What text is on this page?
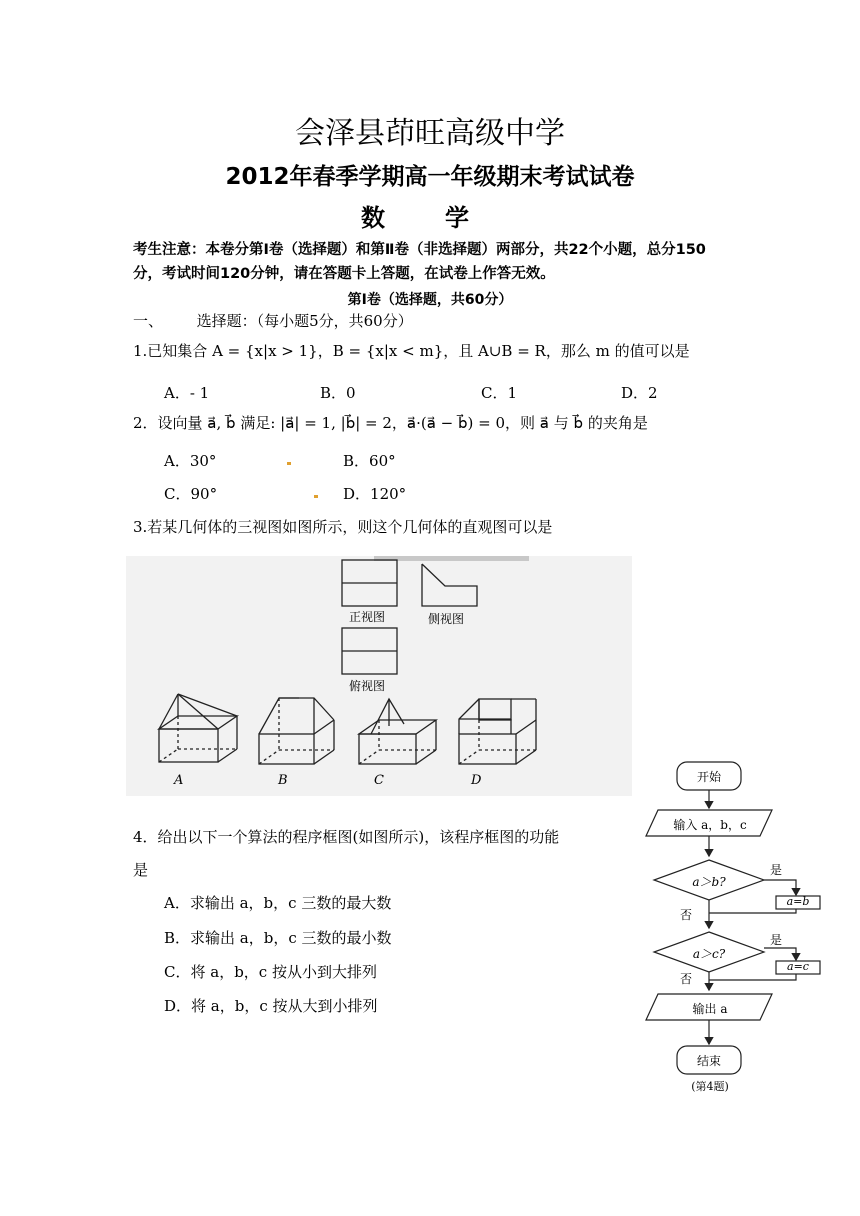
会泽县茚旺高级中学
2012年春季学期高一年级期末考试试卷
数学
考生注意：本卷分第Ⅰ卷（选择题）和第Ⅱ卷（非选择题）两部分，共22个小题，总分150分，考试时间120分钟，请在答题卡上答题，在试卷上作答无效。
第Ⅰ卷（选择题，共60分）
一、 选择题：（每小题5分，共60分）
1.已知集合 A = {x|x > 1}，B = {x|x < m}，且 A∪B = R，那么 m 的值可以是
A．- 1	B．0	C．1	D．2
2．设向量 a⃗, b⃗ 满足: |a⃗| = 1, |b⃗| = 2，a⃗·(a⃗ − b⃗) = 0，则 a⃗ 与 b⃗ 的夹角是
A．30°	B．60°
C．90°	D．120°
3.若某几何体的三视图如图所示，则这个几何体的直观图可以是
正视图	侧视图
俯视图
A	B	C	D
4．给出以下一个算法的程序框图(如图所示)，该程序框图的功能
是
A．求输出 a，b，c 三数的最大数
B．求输出 a，b，c 三数的最小数
C．将 a，b，c 按从小到大排列
D．将 a，b，c 按从大到小排列
开始
输入 a，b，c
a＞b?
是
a=b
否
a＞c?
是
a=c
否
输出 a
结束
(第4题)
